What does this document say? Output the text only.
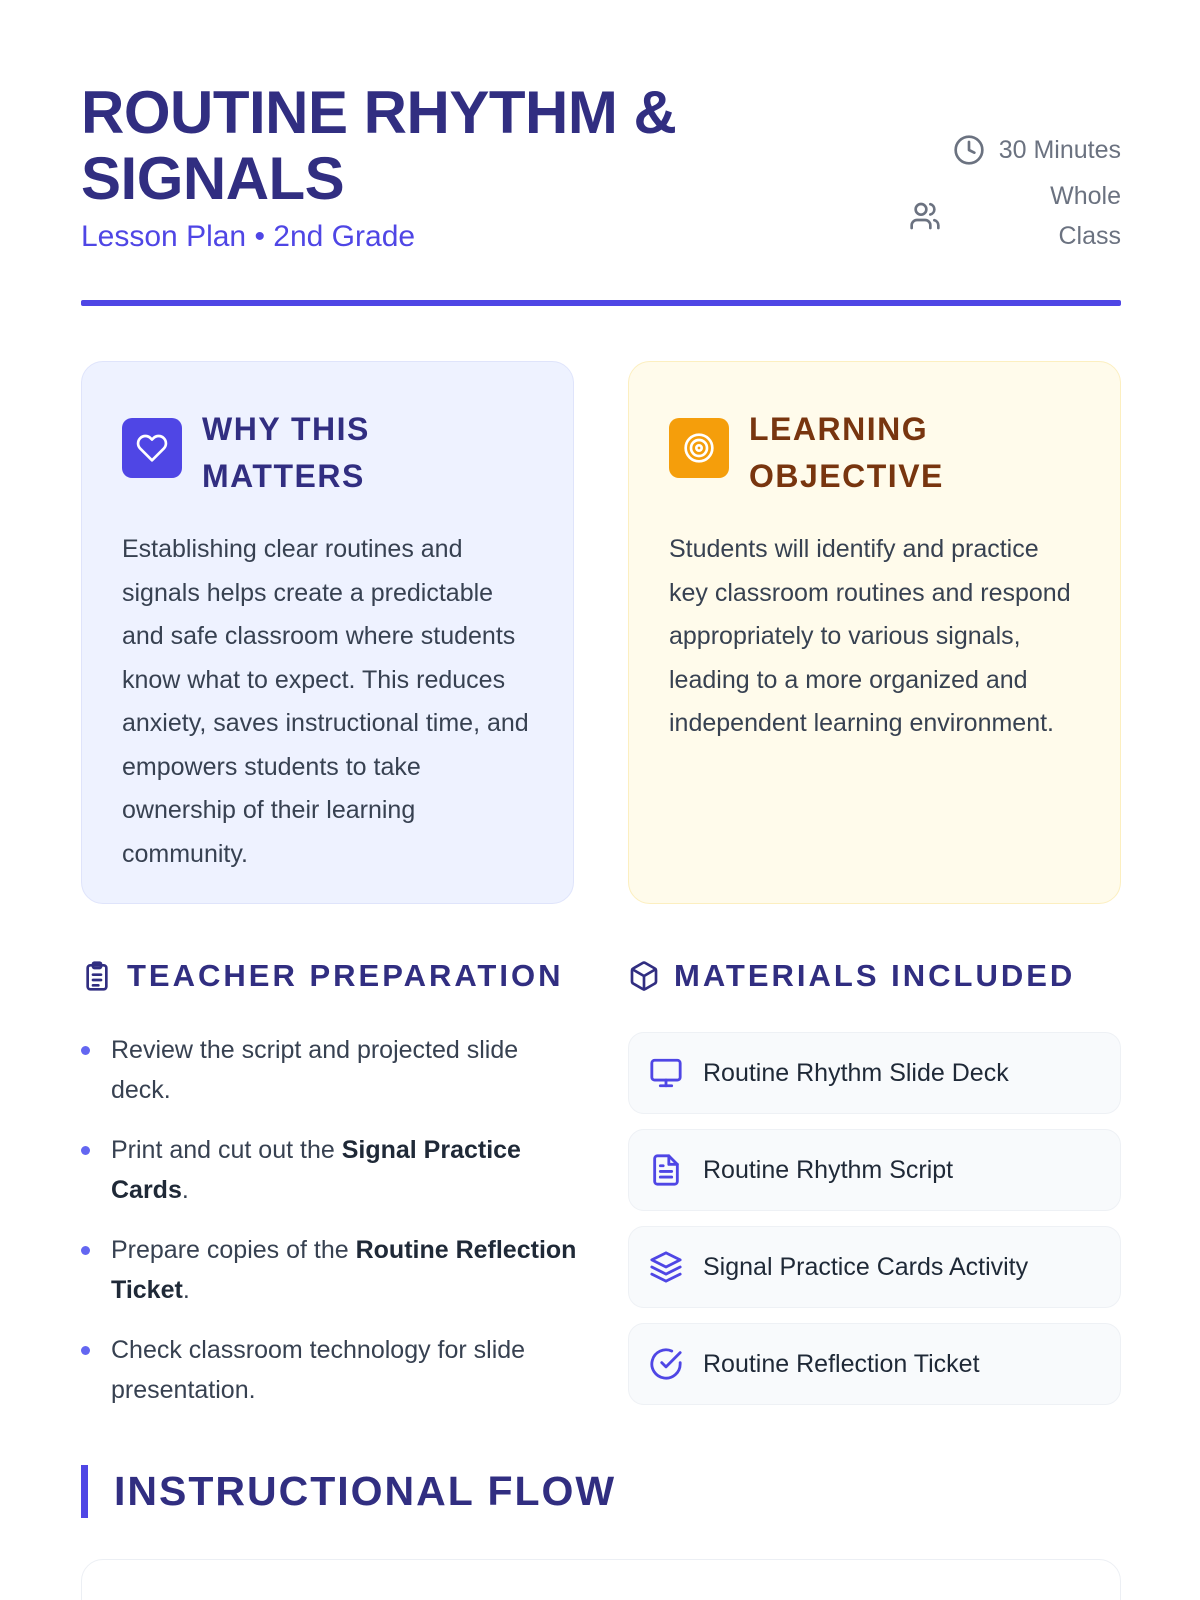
ROUTINE RHYTHM & SIGNALS
Lesson Plan • 2nd Grade
30 Minutes
Whole Class
WHY THIS MATTERS

Establishing clear routines and signals helps create a predictable and safe classroom where students know what to expect. This reduces anxiety, saves instructional time, and empowers students to take ownership of their learning community.

LEARNING OBJECTIVE

Students will identify and practice key classroom routines and respond appropriately to various signals, leading to a more organized and independent learning environment.

TEACHER PREPARATION
Review the script and projected slide deck.
Print and cut out the Signal Practice Cards.
Prepare copies of the Routine Reflection Ticket.
Check classroom technology for slide presentation.
MATERIALS INCLUDED
Routine Rhythm Slide Deck
Routine Rhythm Script
Signal Practice Cards Activity
Routine Reflection Ticket
INSTRUCTIONAL FLOW
